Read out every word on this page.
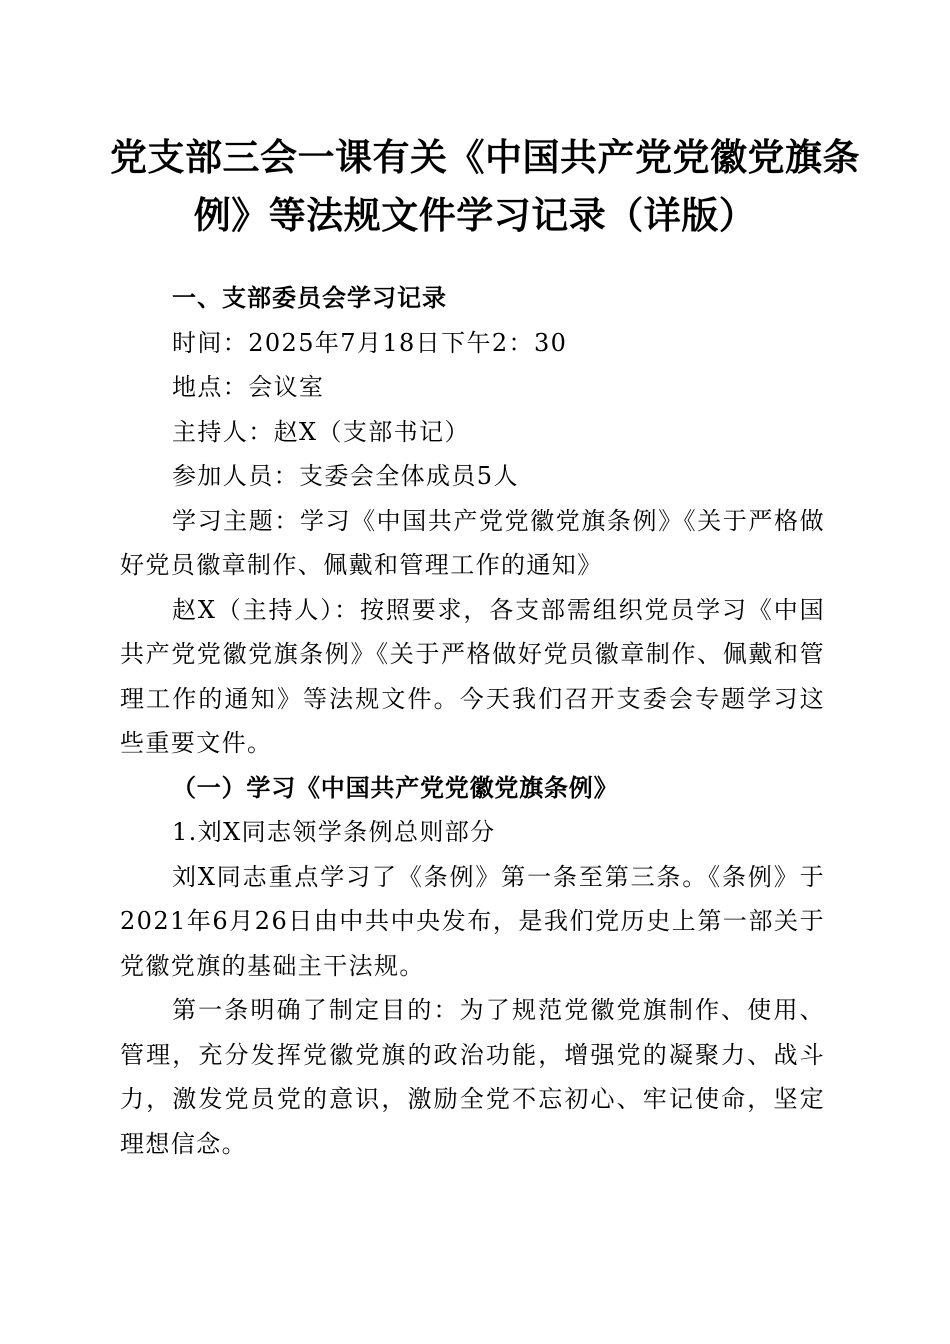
党支部三会一课有关《中国共产党党徽党旗条
例》等法规文件学习记录（详版）

一、支部委员会学习记录

时间：2025年7月18日下午2：30

地点：会议室

主持人：赵X（支部书记）

参加人员：支委会全体成员5人

学习主题：学习《中国共产党党徽党旗条例》《关于严格做好党员徽章制作、佩戴和管理工作的通知》

赵X（主持人）：按照要求，各支部需组织党员学习《中国共产党党徽党旗条例》《关于严格做好党员徽章制作、佩戴和管理工作的通知》等法规文件。今天我们召开支委会专题学习这些重要文件。

（一）学习《中国共产党党徽党旗条例》

1.刘X同志领学条例总则部分

刘X同志重点学习了《条例》第一条至第三条。《条例》于2021年6月26日由中共中央发布，是我们党历史上第一部关于党徽党旗的基础主干法规。

第一条明确了制定目的：为了规范党徽党旗制作、使用、管理，充分发挥党徽党旗的政治功能，增强党的凝聚力、战斗力，激发党员党的意识，激励全党不忘初心、牢记使命，坚定理想信念。
